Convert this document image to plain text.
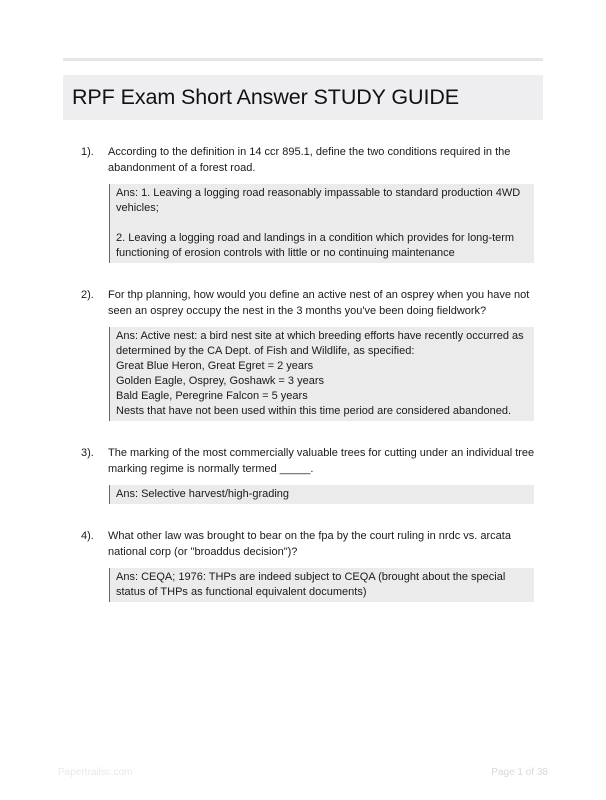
RPF Exam Short Answer STUDY GUIDE
1). According to the definition in 14 ccr 895.1, define the two conditions required in the abandonment of a forest road.

Ans: 1. Leaving a logging road reasonably impassable to standard production 4WD vehicles;

2. Leaving a logging road and landings in a condition which provides for long-term functioning of erosion controls with little or no continuing maintenance

2). For thp planning, how would you define an active nest of an osprey when you have not seen an osprey occupy the nest in the 3 months you've been doing fieldwork?

Ans: Active nest: a bird nest site at which breeding efforts have recently occurred as determined by the CA Dept. of Fish and Wildlife, as specified:

Great Blue Heron, Great Egret = 2 years

Golden Eagle, Osprey, Goshawk = 3 years

Bald Eagle, Peregrine Falcon = 5 years

Nests that have not been used within this time period are considered abandoned.

3). The marking of the most commercially valuable trees for cutting under an individual tree marking regime is normally termed _____.

Ans: Selective harvest/high-grading

4). What other law was brought to bear on the fpa by the court ruling in nrdc vs. arcata national corp (or "broaddus decision")?

Ans: CEQA; 1976: THPs are indeed subject to CEQA (brought about the special status of THPs as functional equivalent documents)

Papertrailsc.com	Page 1 of 38
